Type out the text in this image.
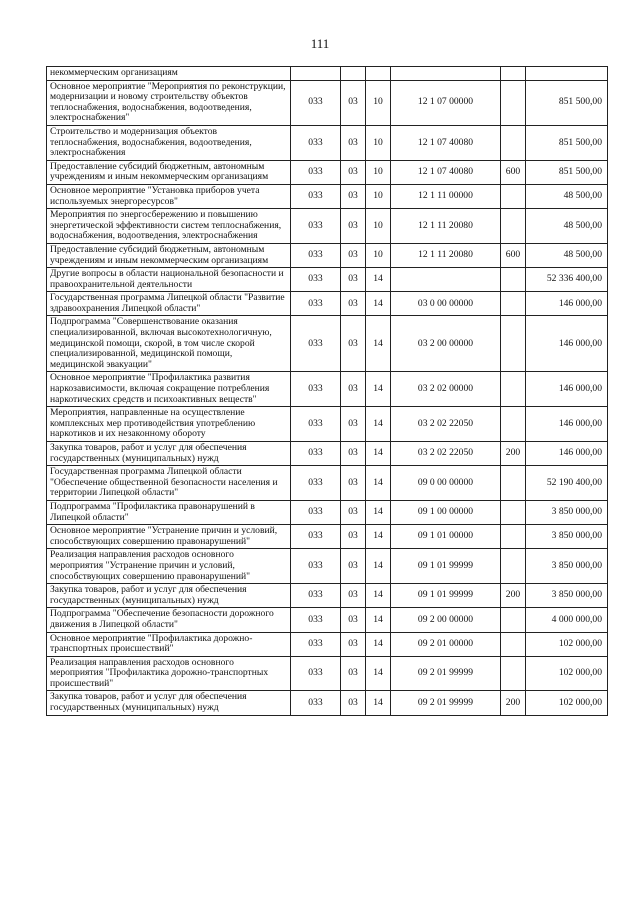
111
некоммерческим организациям						
Основное мероприятие "Мероприятия по реконструкции, модернизации и новому строительству объектов теплоснабжения, водоснабжения, водоотведения, электроснабжения"	033	03	10	12 1 07 00000		851 500,00
Строительство и модернизация объектов теплоснабжения, водоснабжения, водоотведения, электроснабжения	033	03	10	12 1 07 40080		851 500,00
Предоставление субсидий бюджетным, автономным учреждениям и иным некоммерческим организациям	033	03	10	12 1 07 40080	600	851 500,00
Основное мероприятие "Установка приборов учета используемых энергоресурсов"	033	03	10	12 1 11 00000		48 500,00
Мероприятия по энергосбережению и повышению энергетической эффективности систем теплоснабжения, водоснабжения, водоотведения, электроснабжения	033	03	10	12 1 11 20080		48 500,00
Предоставление субсидий бюджетным, автономным учреждениям и иным некоммерческим организациям	033	03	10	12 1 11 20080	600	48 500,00
Другие вопросы в области национальной безопасности и правоохранительной деятельности	033	03	14			52 336 400,00
Государственная программа Липецкой области "Развитие здравоохранения Липецкой области"	033	03	14	03 0 00 00000		146 000,00
Подпрограмма "Совершенствование оказания специализированной, включая высокотехнологичную, медицинской помощи, скорой, в том числе скорой специализированной, медицинской помощи, медицинской эвакуации"	033	03	14	03 2 00 00000		146 000,00
Основное мероприятие "Профилактика развития наркозависимости, включая сокращение потребления наркотических средств и психоактивных веществ"	033	03	14	03 2 02 00000		146 000,00
Мероприятия, направленные на осуществление комплексных мер противодействия употреблению наркотиков и их незаконному обороту	033	03	14	03 2 02 22050		146 000,00
Закупка товаров, работ и услуг для обеспечения государственных (муниципальных) нужд	033	03	14	03 2 02 22050	200	146 000,00
Государственная программа Липецкой области "Обеспечение общественной безопасности населения и территории Липецкой области"	033	03	14	09 0 00 00000		52 190 400,00
Подпрограмма "Профилактика правонарушений в Липецкой области"	033	03	14	09 1 00 00000		3 850 000,00
Основное мероприятие "Устранение причин и условий, способствующих совершению правонарушений"	033	03	14	09 1 01 00000		3 850 000,00
Реализация направления расходов основного мероприятия "Устранение причин и условий, способствующих совершению правонарушений"	033	03	14	09 1 01 99999		3 850 000,00
Закупка товаров, работ и услуг для обеспечения государственных (муниципальных) нужд	033	03	14	09 1 01 99999	200	3 850 000,00
Подпрограмма "Обеспечение безопасности дорожного движения в Липецкой области"	033	03	14	09 2 00 00000		4 000 000,00
Основное мероприятие "Профилактика дорожно-транспортных происшествий"	033	03	14	09 2 01 00000		102 000,00
Реализация направления расходов основного мероприятия "Профилактика дорожно-транспортных происшествий"	033	03	14	09 2 01 99999		102 000,00
Закупка товаров, работ и услуг для обеспечения государственных (муниципальных) нужд	033	03	14	09 2 01 99999	200	102 000,00
